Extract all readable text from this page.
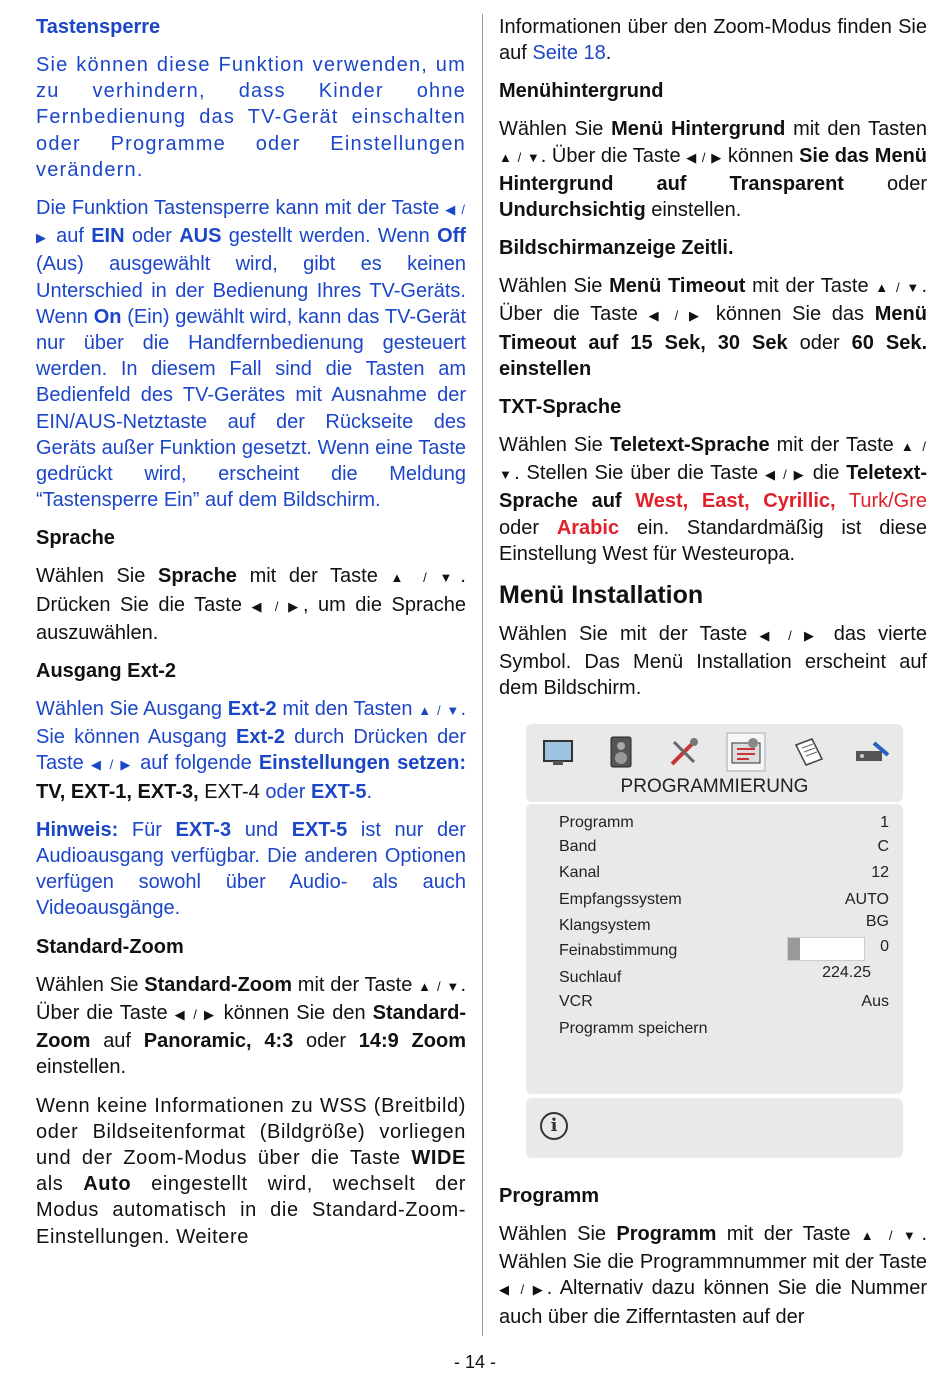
Tastensperre

Sie können diese Funktion verwenden, um zu verhindern, dass Kinder ohne Fernbedienung das TV-Gerät einschalten oder Programme oder Einstellungen verändern.

Die Funktion Tastensperre kann mit der Taste ◀ / ▶ auf EIN oder AUS gestellt werden. Wenn Off (Aus) ausgewählt wird, gibt es keinen Unterschied in der Bedienung Ihres TV-Geräts. Wenn On (Ein) gewählt wird, kann das TV-Gerät nur über die Handfernbedienung gesteuert werden. In diesem Fall sind die Tasten am Bedienfeld des TV-Gerätes mit Ausnahme der EIN/AUS-Netztaste auf der Rückseite des Geräts außer Funktion gesetzt. Wenn eine Taste gedrückt wird, erscheint die Meldung “Tastensperre Ein” auf dem Bildschirm.

Sprache

Wählen Sie Sprache mit der Taste ▲ / ▼. Drücken Sie die Taste ◀ / ▶, um die Sprache auszuwählen.

Ausgang Ext-2

Wählen Sie Ausgang Ext-2 mit den Tasten ▲ / ▼. Sie können Ausgang Ext-2 durch Drücken der Taste ◀ / ▶ auf folgende Einstellungen setzen: TV, EXT-1, EXT-3, EXT-4 oder EXT-5.

Hinweis: Für EXT-3 und EXT-5 ist nur der Audioausgang verfügbar. Die anderen Optionen verfügen sowohl über Audio- als auch Videoausgänge.

Standard-Zoom

Wählen Sie Standard-Zoom mit der Taste ▲ / ▼. Über die Taste ◀ / ▶ können Sie den Standard-Zoom auf Panoramic, 4:3 oder 14:9 Zoom einstellen.

Wenn keine Informationen zu WSS (Breitbild) oder Bildseitenformat (Bildgröße) vorliegen und der Zoom-Modus über die Taste WIDE als Auto eingestellt wird, wechselt der Modus automatisch in die Standard-Zoom-Einstellungen. Weitere

Informationen über den Zoom-Modus finden Sie auf Seite 18.

Menühintergrund

Wählen Sie Menü Hintergrund mit den Tasten ▲ / ▼. Über die Taste ◀ / ▶ können Sie das Menü Hintergrund auf Transparent oder Undurchsichtig einstellen.

Bildschirmanzeige Zeitli.

Wählen Sie Menü Timeout mit der Taste ▲ / ▼. Über die Taste ◀ / ▶ können Sie das Menü Timeout auf 15 Sek, 30 Sek oder 60 Sek. einstellen

TXT-Sprache

Wählen Sie Teletext-Sprache mit der Taste ▲ / ▼. Stellen Sie über die Taste ◀ / ▶ die Teletext-Sprache auf West, East, Cyrillic, Turk/Gre oder Arabic ein. Standardmäßig ist diese Einstellung West für Westeuropa.

Menü Installation

Wählen Sie mit der Taste ◀ / ▶ das vierte Symbol. Das Menü Installation erscheint auf dem Bildschirm.

PROGRAMMIERUNG
Programm	1
Band	C
Kanal	12
Empfangssystem	AUTO
Klangsystem	BG
Feinabstimmung	0
Suchlauf	224.25
VCR	Aus
Programm speichern
i
Programm

Wählen Sie Programm mit der Taste ▲ / ▼. Wählen Sie die Programmnummer mit der Taste ◀ / ▶. Alternativ dazu können Sie die Nummer auch über die Zifferntasten auf der

- 14 -
